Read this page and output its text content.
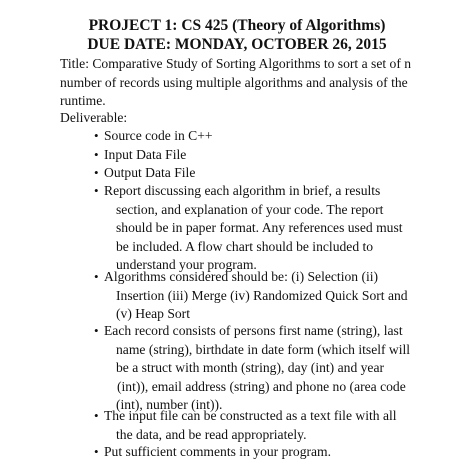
PROJECT 1: CS 425 (Theory of Algorithms)
DUE DATE: MONDAY, OCTOBER 26, 2015
Title: Comparative Study of Sorting Algorithms to sort a set of n
number of records using multiple algorithms and analysis of the
runtime.
Deliverable:
• Source code in C++
• Input Data File
• Output Data File
• Report discussing each algorithm in brief, a results
section, and explanation of your code. The report
should be in paper format. Any references used must
be included. A flow chart should be included to
understand your program.
• Algorithms considered should be: (i) Selection (ii)
Insertion (iii) Merge (iv) Randomized Quick Sort and
(v) Heap Sort
• Each record consists of persons first name (string), last
name (string), birthdate in date form (which itself will
be a struct with month (string), day (int) and year
(int)), email address (string) and phone no (area code
(int), number (int)).
• The input file can be constructed as a text file with all
the data, and be read appropriately.
• Put sufficient comments in your program.
